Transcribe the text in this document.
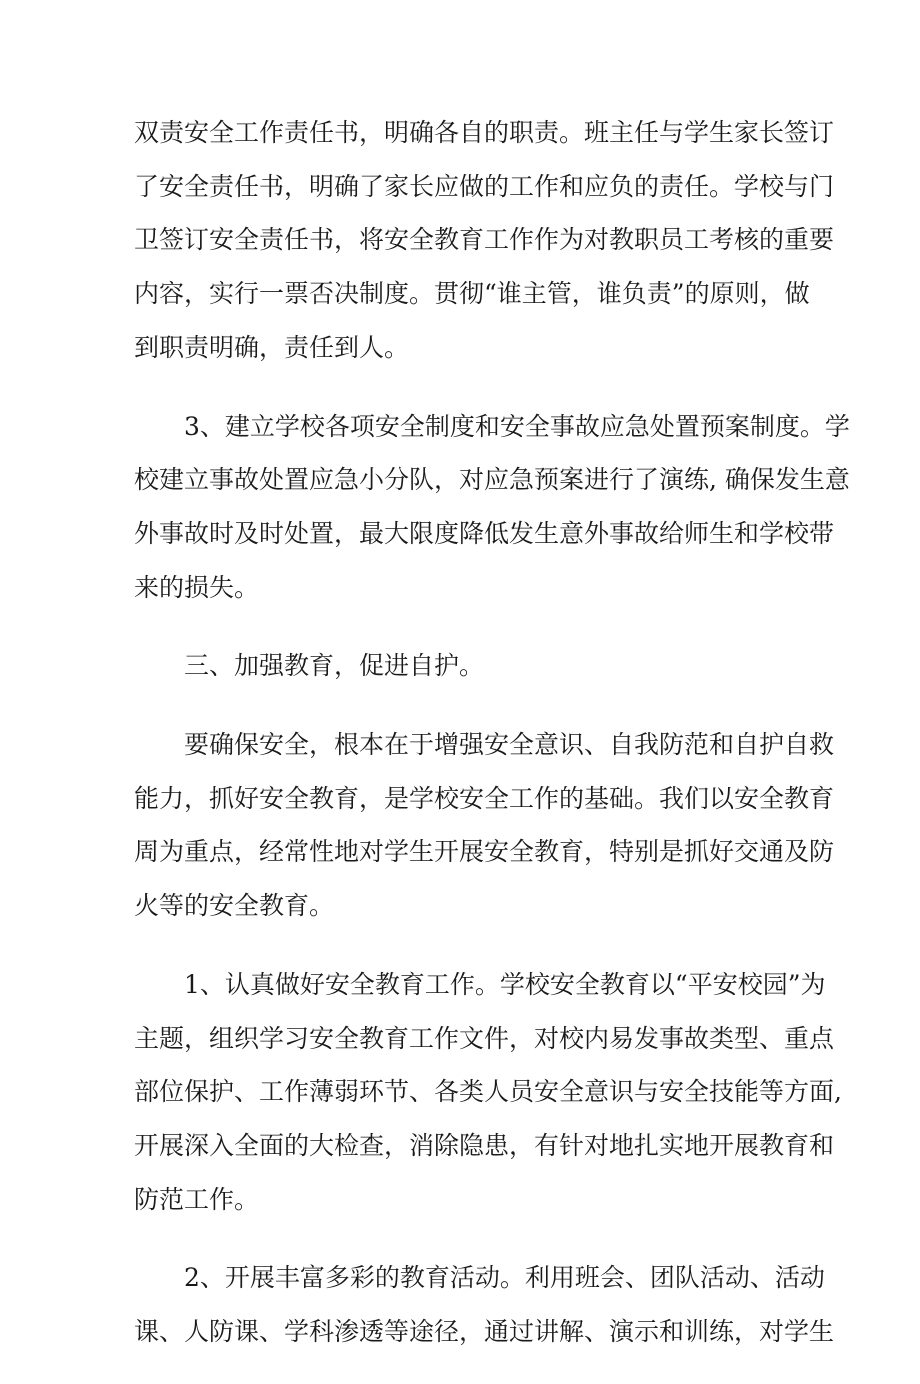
双责安全工作责任书，明确各自的职责。班主任与学生家长签订
了安全责任书，明确了家长应做的工作和应负的责任。学校与门
卫签订安全责任书，将安全教育工作作为对教职员工考核的重要
内容，实行一票否决制度。贯彻“谁主管，谁负责”的原则，做
到职责明确，责任到人。
3、建立学校各项安全制度和安全事故应急处置预案制度。学
校建立事故处置应急小分队，对应急预案进行了演练, 确保发生意
外事故时及时处置，最大限度降低发生意外事故给师生和学校带
来的损失。
三、加强教育，促进自护。
要确保安全，根本在于增强安全意识、自我防范和自护自救
能力，抓好安全教育，是学校安全工作的基础。我们以安全教育
周为重点，经常性地对学生开展安全教育，特别是抓好交通及防
火等的安全教育。
1、认真做好安全教育工作。学校安全教育以“平安校园”为
主题，组织学习安全教育工作文件，对校内易发事故类型、重点
部位保护、工作薄弱环节、各类人员安全意识与安全技能等方面,
开展深入全面的大检查，消除隐患，有针对地扎实地开展教育和
防范工作。
2、开展丰富多彩的教育活动。利用班会、团队活动、活动
课、人防课、学科渗透等途径，通过讲解、演示和训练，对学生
